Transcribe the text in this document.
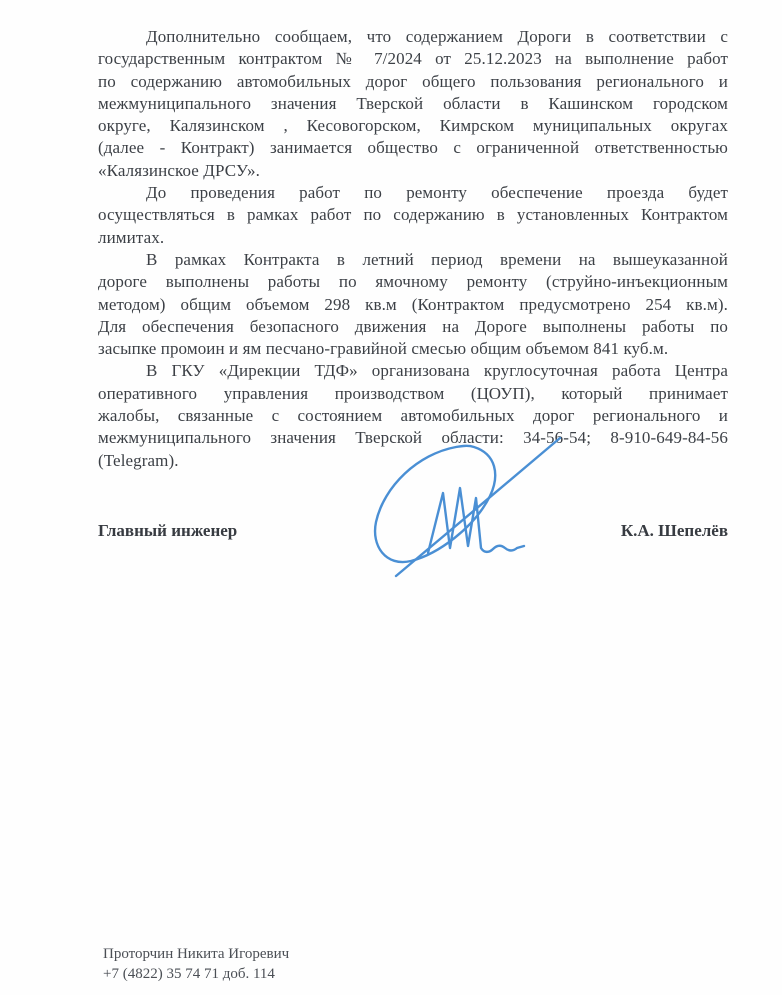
Дополнительно сообщаем, что содержанием Дороги в соответствии с
государственным контрактом № 7/2024 от 25.12.2023 на выполнение работ
по содержанию автомобильных дорог общего пользования регионального и
межмуниципального значения Тверской области в Кашинском городском
округе, Калязинском , Кесовогорском, Кимрском муниципальных округах
(далее - Контракт) занимается общество с ограниченной ответственностью
«Калязинское ДРСУ».
До проведения работ по ремонту обеспечение проезда будет
осуществляться в рамках работ по содержанию в установленных Контрактом
лимитах.
В рамках Контракта в летний период времени на вышеуказанной
дороге выполнены работы по ямочному ремонту (струйно-инъекционным
методом) общим объемом 298 кв.м (Контрактом предусмотрено 254 кв.м).
Для обеспечения безопасного движения на Дороге выполнены работы по
засыпке промоин и ям песчано-гравийной смесью общим объемом 841 куб.м.
В ГКУ «Дирекции ТДФ» организована круглосуточная работа Центра
оперативного управления производством (ЦОУП), который принимает
жалобы, связанные с состоянием автомобильных дорог регионального и
межмуниципального значения Тверской области: 34-56-54; 8-910-649-84-56
(Telegram).
Главный инженер	К.А. Шепелёв
Проторчин Никита Игоревич
+7 (4822) 35 74 71 доб. 114
